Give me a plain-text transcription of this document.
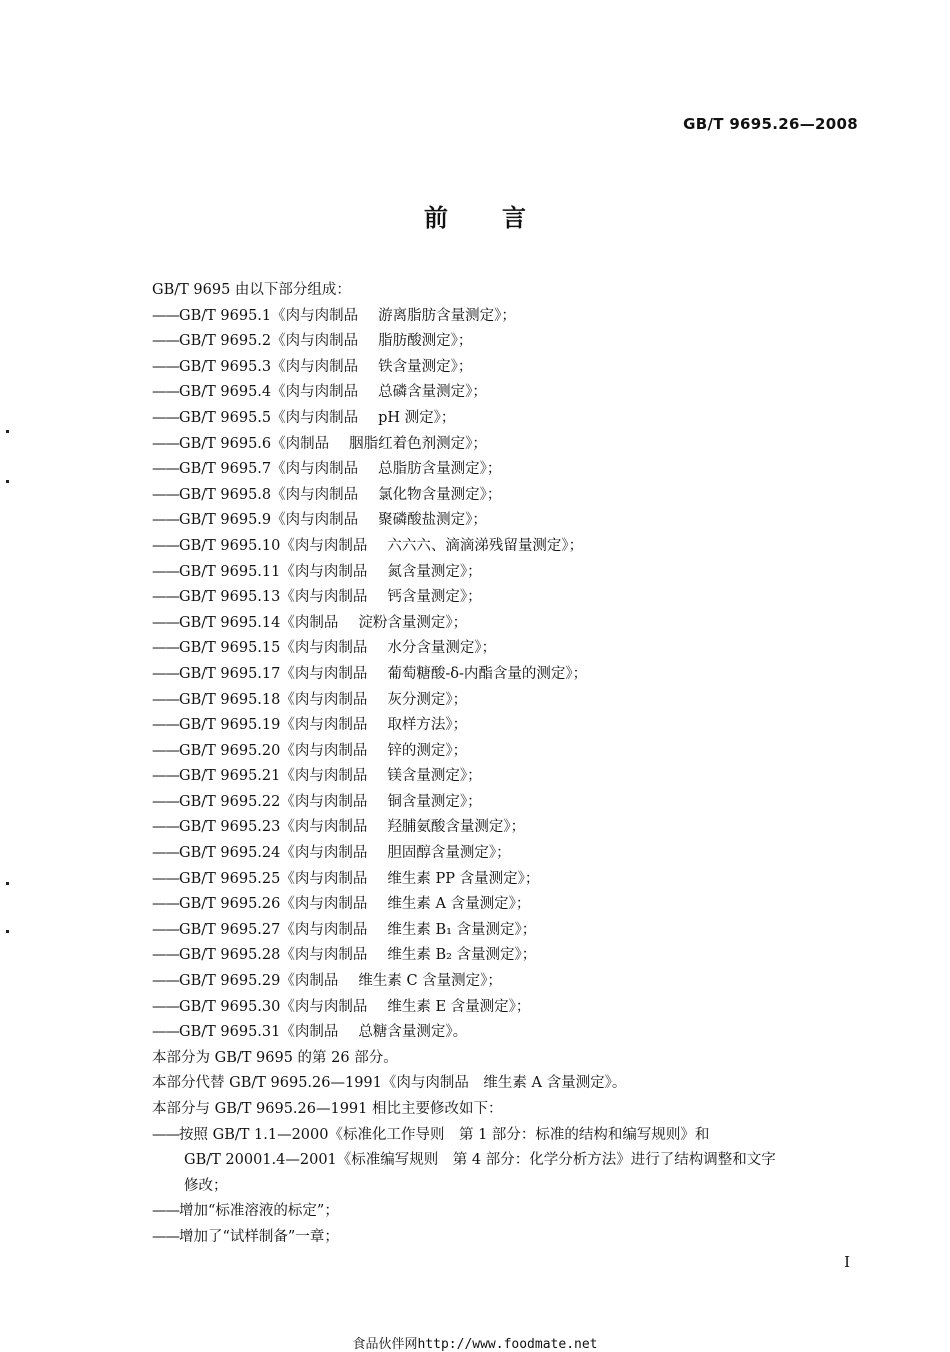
GB/T 9695.26—2008
前言
GB/T 9695 由以下部分组成：
—— GB/T 9695.1《肉与肉制品 游离脂肪含量测定》；
—— GB/T 9695.2《肉与肉制品 脂肪酸测定》；
—— GB/T 9695.3《肉与肉制品 铁含量测定》；
—— GB/T 9695.4《肉与肉制品 总磷含量测定》；
—— GB/T 9695.5《肉与肉制品 pH 测定》；
—— GB/T 9695.6《肉制品 胭脂红着色剂测定》；
—— GB/T 9695.7《肉与肉制品 总脂肪含量测定》；
—— GB/T 9695.8《肉与肉制品 氯化物含量测定》；
—— GB/T 9695.9《肉与肉制品 聚磷酸盐测定》；
—— GB/T 9695.10《肉与肉制品 六六六、滴滴涕残留量测定》；
—— GB/T 9695.11《肉与肉制品 氮含量测定》；
—— GB/T 9695.13《肉与肉制品 钙含量测定》；
—— GB/T 9695.14《肉制品 淀粉含量测定》；
—— GB/T 9695.15《肉与肉制品 水分含量测定》；
—— GB/T 9695.17《肉与肉制品 葡萄糖酸-δ-内酯含量的测定》；
—— GB/T 9695.18《肉与肉制品 灰分测定》；
—— GB/T 9695.19《肉与肉制品 取样方法》；
—— GB/T 9695.20《肉与肉制品 锌的测定》；
—— GB/T 9695.21《肉与肉制品 镁含量测定》；
—— GB/T 9695.22《肉与肉制品 铜含量测定》；
—— GB/T 9695.23《肉与肉制品 羟脯氨酸含量测定》；
—— GB/T 9695.24《肉与肉制品 胆固醇含量测定》；
—— GB/T 9695.25《肉与肉制品 维生素 PP 含量测定》；
—— GB/T 9695.26《肉与肉制品 维生素 A 含量测定》；
—— GB/T 9695.27《肉与肉制品 维生素 B₁ 含量测定》；
—— GB/T 9695.28《肉与肉制品 维生素 B₂ 含量测定》；
—— GB/T 9695.29《肉制品 维生素 C 含量测定》；
—— GB/T 9695.30《肉与肉制品 维生素 E 含量测定》；
—— GB/T 9695.31《肉制品 总糖含量测定》。
本部分为 GB/T 9695 的第 26 部分。
本部分代替 GB/T 9695.26—1991《肉与肉制品　维生素 A 含量测定》。
本部分与 GB/T 9695.26—1991 相比主要修改如下：
—— 按照 GB/T 1.1—2000《标准化工作导则　第 1 部分：标准的结构和编写规则》和
GB/T 20001.4—2001《标准编写规则　第 4 部分：化学分析方法》进行了结构调整和文字
修改；
—— 增加“标准溶液的标定”；
—— 增加了“试样制备”一章；
I
食品伙伴网http://www.foodmate.net
